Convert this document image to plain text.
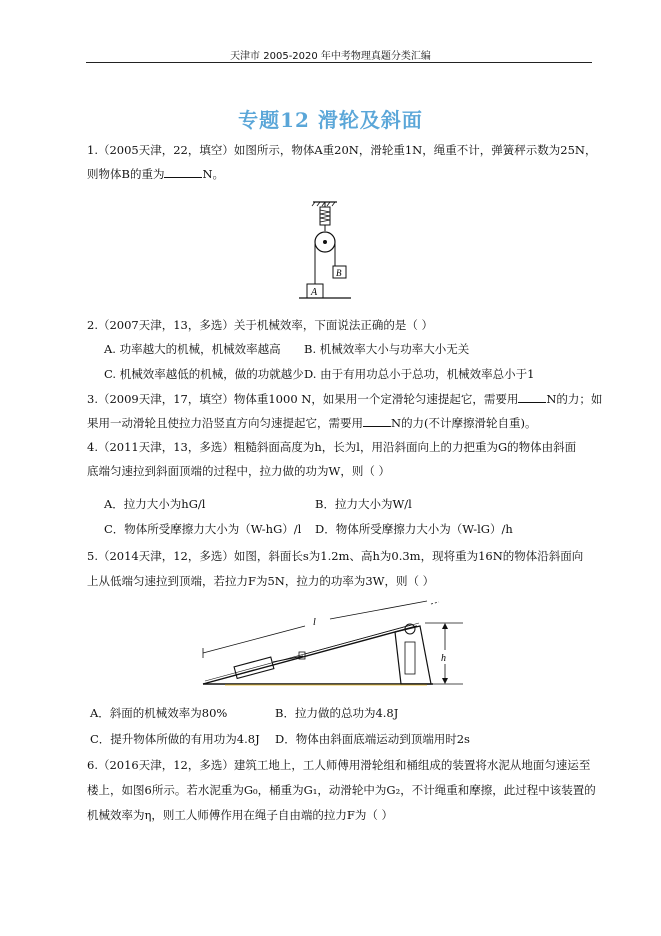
天津市 2005-2020 年中考物理真题分类汇编
专题12 滑轮及斜面
1.（2005天津，22，填空）如图所示，物体A重20N，滑轮重1N，绳重不计，弹簧秤示数为25N，
则物体B的重为	N。
A
B
2.（2007天津，13，多选）关于机械效率，下面说法正确的是（ ）
A. 功率越大的机械，机械效率越高 B. 机械效率大小与功率大小无关
C. 机械效率越低的机械，做的功就越少 D. 由于有用功总小于总功，机械效率总小于1
3.（2009天津，17，填空）物体重1000 N，如果用一个定滑轮匀速提起它，需要用 N的力；如
果用一动滑轮且使拉力沿竖直方向匀速提起它，需要用 N的力(不计摩擦滑轮自重)。
4.（2011天津，13，多选）粗糙斜面高度为h，长为l，用沿斜面向上的力把重为G的物体由斜面
底端匀速拉到斜面顶端的过程中，拉力做的功为W，则（ ）
A．拉力大小为hG/l	B．拉力大小为W/l
C．物体所受摩擦力大小为（W-hG）/l D．物体所受摩擦力大小为（W-lG）/h
5.（2014天津，12，多选）如图，斜面长s为1.2m、高h为0.3m，现将重为16N的物体沿斜面向
上从低端匀速拉到顶端，若拉力F为5N，拉力的功率为3W，则（ ）
l
h
A．斜面的机械效率为80%	B．拉力做的总功为4.8J
C．提升物体所做的有用功为4.8J D．物体由斜面底端运动到顶端用时2s
6.（2016天津，12，多选）建筑工地上，工人师傅用滑轮组和桶组成的装置将水泥从地面匀速运至
楼上，如图6所示。若水泥重为G₀，桶重为G₁，动滑轮中为G₂，不计绳重和摩擦，此过程中该装置的
机械效率为η，则工人师傅作用在绳子自由端的拉力F为（ ）
